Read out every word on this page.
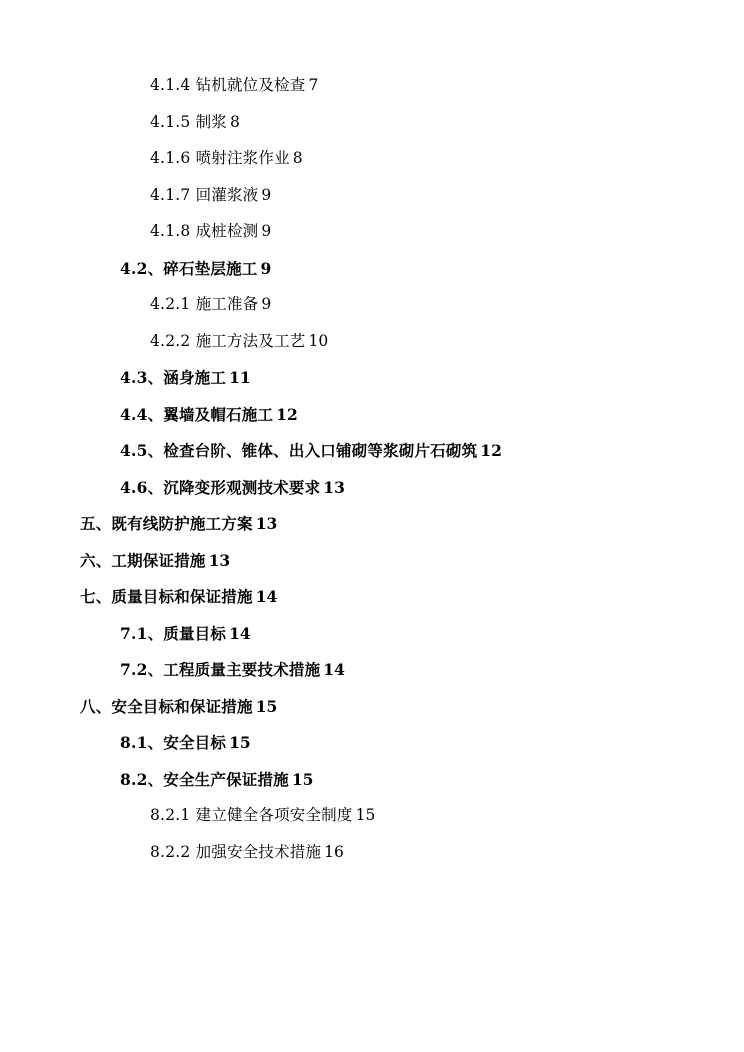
4.1.4 钻机就位及检查 7
4.1.5 制浆 8
4.1.6 喷射注浆作业 8
4.1.7 回灌浆液 9
4.1.8 成桩检测 9
4.2、碎石垫层施工 9
4.2.1 施工准备 9
4.2.2 施工方法及工艺 10
4.3、涵身施工 11
4.4、翼墙及帽石施工 12
4.5、检查台阶、锥体、出入口铺砌等浆砌片石砌筑 12
4.6、沉降变形观测技术要求 13
五、既有线防护施工方案 13
六、工期保证措施 13
七、质量目标和保证措施 14
7.1、质量目标 14
7.2、工程质量主要技术措施 14
八、安全目标和保证措施 15
8.1、安全目标 15
8.2、安全生产保证措施 15
8.2.1 建立健全各项安全制度 15
8.2.2 加强安全技术措施 16
